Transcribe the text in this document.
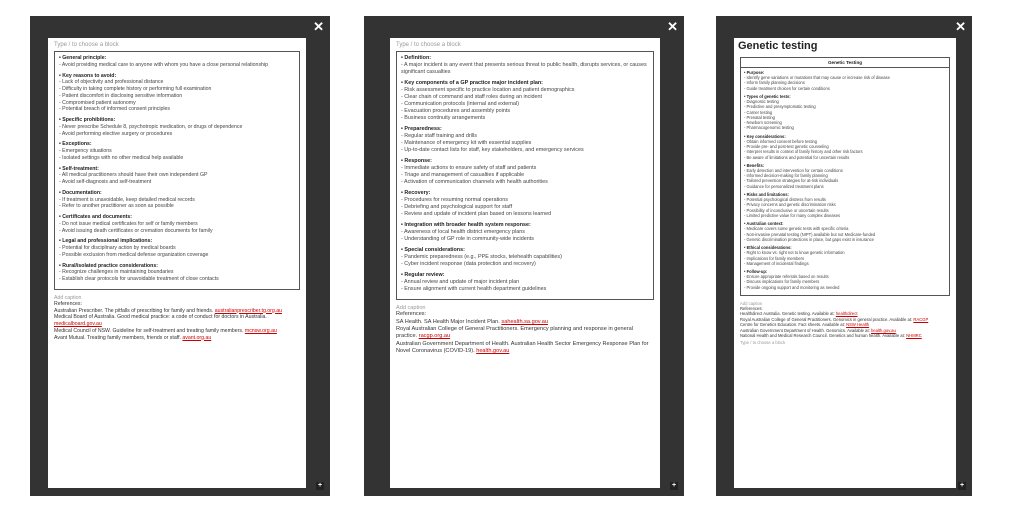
✕
Type / to choose a block
• General principle:
- Avoid providing medical care to anyone with whom you have a close personal relationship
• Key reasons to avoid:
- Lack of objectivity and professional distance
- Difficulty in taking complete history or performing full examination
- Patient discomfort in disclosing sensitive information
- Compromised patient autonomy
- Potential breach of informed consent principles
• Specific prohibitions:
- Never prescribe Schedule 8, psychotropic medication, or drugs of dependence
- Avoid performing elective surgery or procedures
• Exceptions:
- Emergency situations
- Isolated settings with no other medical help available
• Self-treatment:
- All medical practitioners should have their own independent GP
- Avoid self-diagnosis and self-treatment
• Documentation:
- If treatment is unavoidable, keep detailed medical records
- Refer to another practitioner as soon as possible
• Certificates and documents:
- Do not issue medical certificates for self or family members
- Avoid issuing death certificates or cremation documents for family
• Legal and professional implications:
- Potential for disciplinary action by medical boards
- Possible exclusion from medical defense organization coverage
• Rural/isolated practice considerations:
- Recognize challenges in maintaining boundaries
- Establish clear protocols for unavoidable treatment of close contacts
Add caption
References:
Australian Prescriber. The pitfalls of prescribing for family and friends. australianprescriber.tg.org.au
Medical Board of Australia. Good medical practice: a code of conduct for doctors in Australia. medicalboard.gov.au
Medical Council of NSW. Guideline for self-treatment and treating family members. mcnsw.org.au
Avant Mutual. Treating family members, friends or staff. avant.org.au
+
✕
Type / to choose a block
• Definition:
- A major incident is any event that presents serious threat to public health, disrupts services, or causes significant casualties
• Key components of a GP practice major incident plan:
- Risk assessment specific to practice location and patient demographics
- Clear chain of command and staff roles during an incident
- Communication protocols (internal and external)
- Evacuation procedures and assembly points
- Business continuity arrangements
• Preparedness:
- Regular staff training and drills
- Maintenance of emergency kit with essential supplies
- Up-to-date contact lists for staff, key stakeholders, and emergency services
• Response:
- Immediate actions to ensure safety of staff and patients
- Triage and management of casualties if applicable
- Activation of communication channels with health authorities
• Recovery:
- Procedures for resuming normal operations
- Debriefing and psychological support for staff
- Review and update of incident plan based on lessons learned
• Integration with broader health system response:
- Awareness of local health district emergency plans
- Understanding of GP role in community-wide incidents
• Special considerations:
- Pandemic preparedness (e.g., PPE stocks, telehealth capabilities)
- Cyber incident response (data protection and recovery)
• Regular review:
- Annual review and update of major incident plan
- Ensure alignment with current health department guidelines
Add caption
References:
SA Health. SA Health Major Incident Plan. sahealth.sa.gov.au
Royal Australian College of General Practitioners. Emergency planning and response in general practice. racgp.org.au
Australian Government Department of Health. Australian Health Sector Emergency Response Plan for Novel Coronavirus (COVID-19). health.gov.au
+
✕
Genetic testing
Genetic Testing
• Purpose:
- Identify gene variations or mutations that may cause or increase risk of disease
- Inform family planning decisions
- Guide treatment choices for certain conditions
• Types of genetic tests:
- Diagnostic testing
- Predictive and presymptomatic testing
- Carrier testing
- Prenatal testing
- Newborn screening
- Pharmacogenomic testing
• Key considerations:
- Obtain informed consent before testing
- Provide pre- and post-test genetic counseling
- Interpret results in context of family history and other risk factors
- Be aware of limitations and potential for uncertain results
• Benefits:
- Early detection and intervention for certain conditions
- Informed decision-making for family planning
- Tailored prevention strategies for at-risk individuals
- Guidance for personalized treatment plans
• Risks and limitations:
- Potential psychological distress from results
- Privacy concerns and genetic discrimination risks
- Possibility of inconclusive or uncertain results
- Limited predictive value for many complex diseases
• Australian context:
- Medicare covers some genetic tests with specific criteria
- Non-invasive prenatal testing (NIPT) available but not Medicare-funded
- Genetic discrimination protections in place, but gaps exist in insurance
• Ethical considerations:
- Right to know vs. right not to know genetic information
- Implications for family members
- Management of incidental findings
• Follow-up:
- Ensure appropriate referrals based on results
- Discuss implications for family members
- Provide ongoing support and monitoring as needed
Add caption
References:
Healthdirect Australia. Genetic testing. Available at: healthdirect
Royal Australian College of General Practitioners. Genomics in general practice. Available at: RACGP
Centre for Genetics Education. Fact sheets. Available at: NSW Health
Australian Government Department of Health. Genomics. Available at: health.gov.au
National Health and Medical Research Council. Genetics and human health. Available at: NHMRC
Type / to choose a block
+
